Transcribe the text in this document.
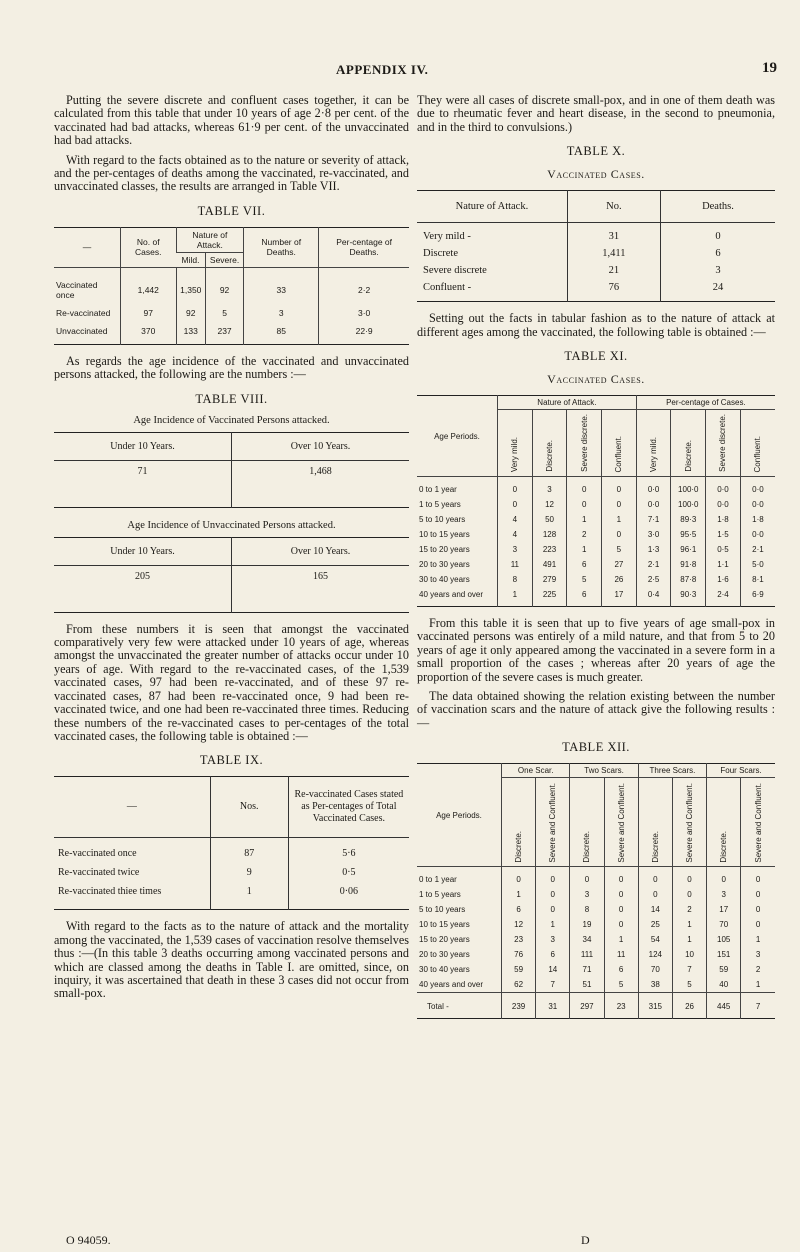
APPENDIX IV.	19

Putting the severe discrete and confluent cases together, it can be calculated from this table that under 10 years of age 2·8 per cent. of the vaccinated had bad attacks, whereas 61·9 per cent. of the unvaccinated had bad attacks.

With regard to the facts obtained as to the nature or severity of attack, and the per-centages of deaths among the vaccinated, re-vaccinated, and unvaccinated classes, the results are arranged in Table VII.

TABLE VII.
—	No. of Cases.	Nature of Attack.		Number of Deaths.	Per-centage of Deaths.
		Mild.	Severe.		
Vaccinated once	1,442	1,350	92	33	2·2
Re-vaccinated	97	92	5	3	3·0
Unvaccinated	370	133	237	85	22·9

As regards the age incidence of the vaccinated and unvaccinated persons attacked, the following are the numbers :—

TABLE VIII.
Age Incidence of Vaccinated Persons attacked.
Under 10 Years.	Over 10 Years.
71	1,468
Age Incidence of Unvaccinated Persons attacked.
Under 10 Years.	Over 10 Years.
205	165

From these numbers it is seen that amongst the vaccinated comparatively very few were attacked under 10 years of age, whereas amongst the unvaccinated the greater number of attacks occur under 10 years of age. With regard to the re-vaccinated cases, of the 1,539 vaccinated cases, 97 had been re-vaccinated, and of these 97 re-vaccinated cases, 87 had been re-vaccinated once, 9 had been re-vaccinated twice, and one had been re-vaccinated three times. Reducing these numbers of the re-vaccinated cases to per-centages of the total vaccinated cases, the following table is obtained :—

TABLE IX.
—	Nos.	Re-vaccinated Cases stated as Per-centages of Total Vaccinated Cases.
Re-vaccinated once	87	5·6
Re-vaccinated twice	9	0·5
Re-vaccinated thiee times	1	0·06

With regard to the facts as to the nature of attack and the mortality among the vaccinated, the 1,539 cases of vaccination resolve themselves thus :—(In this table 3 deaths occurring among vaccinated persons and which are classed among the deaths in Table I. are omitted, since, on inquiry, it was ascertained that death in these 3 cases did not occur from small-pox.

O 94059.

They were all cases of discrete small-pox, and in one of them death was due to rheumatic fever and heart disease, in the second to pneumonia, and in the third to convulsions.)

TABLE X.
Vaccinated Cases.
Nature of Attack.	No.	Deaths.
Very mild -	31	0
Discrete	1,411	6
Severe discrete	21	3
Confluent -	76	24

Setting out the facts in tabular fashion as to the nature of attack at different ages among the vaccinated, the following table is obtained :—

TABLE XI.
Vaccinated Cases.
Age Periods.	Nature of Attack.				Per-centage of Cases.			
	Very mild.	Discrete.	Severe discrete.	Confluent.	Very mild.	Discrete.	Severe discrete.	Confluent.
0 to 1 year	0	3	0	0	0·0	100·0	0·0	0·0
1 to 5 years	0	12	0	0	0·0	100·0	0·0	0·0
5 to 10 years	4	50	1	1	7·1	89·3	1·8	1·8
10 to 15 years	4	128	2	0	3·0	95·5	1·5	0·0
15 to 20 years	3	223	1	5	1·3	96·1	0·5	2·1
20 to 30 years	11	491	6	27	2·1	91·8	1·1	5·0
30 to 40 years	8	279	5	26	2·5	87·8	1·6	8·1
40 years and over	1	225	6	17	0·4	90·3	2·4	6·9

From this table it is seen that up to five years of age small-pox in vaccinated persons was entirely of a mild nature, and that from 5 to 20 years of age it only appeared among the vaccinated in a severe form in a small proportion of the cases ; whereas after 20 years of age the proportion of the severe cases is much greater.

The data obtained showing the relation existing between the number of vaccination scars and the nature of attack give the following results :—

TABLE XII.
Age Periods.	One Scar.		Two Scars.		Three Scars.		Four Scars.	
	Discrete.	Severe and Confluent.	Discrete.	Severe and Confluent.	Discrete.	Severe and Confluent.	Discrete.	Severe and Confluent.
0 to 1 year	0	0	0	0	0	0	0	0
1 to 5 years	1	0	3	0	0	0	3	0
5 to 10 years	6	0	8	0	14	2	17	0
10 to 15 years	12	1	19	0	25	1	70	0
15 to 20 years	23	3	34	1	54	1	105	1
20 to 30 years	76	6	111	11	124	10	151	3
30 to 40 years	59	14	71	6	70	7	59	2
40 years and over	62	7	51	5	38	5	40	1
Total -	239	31	297	23	315	26	445	7
D
